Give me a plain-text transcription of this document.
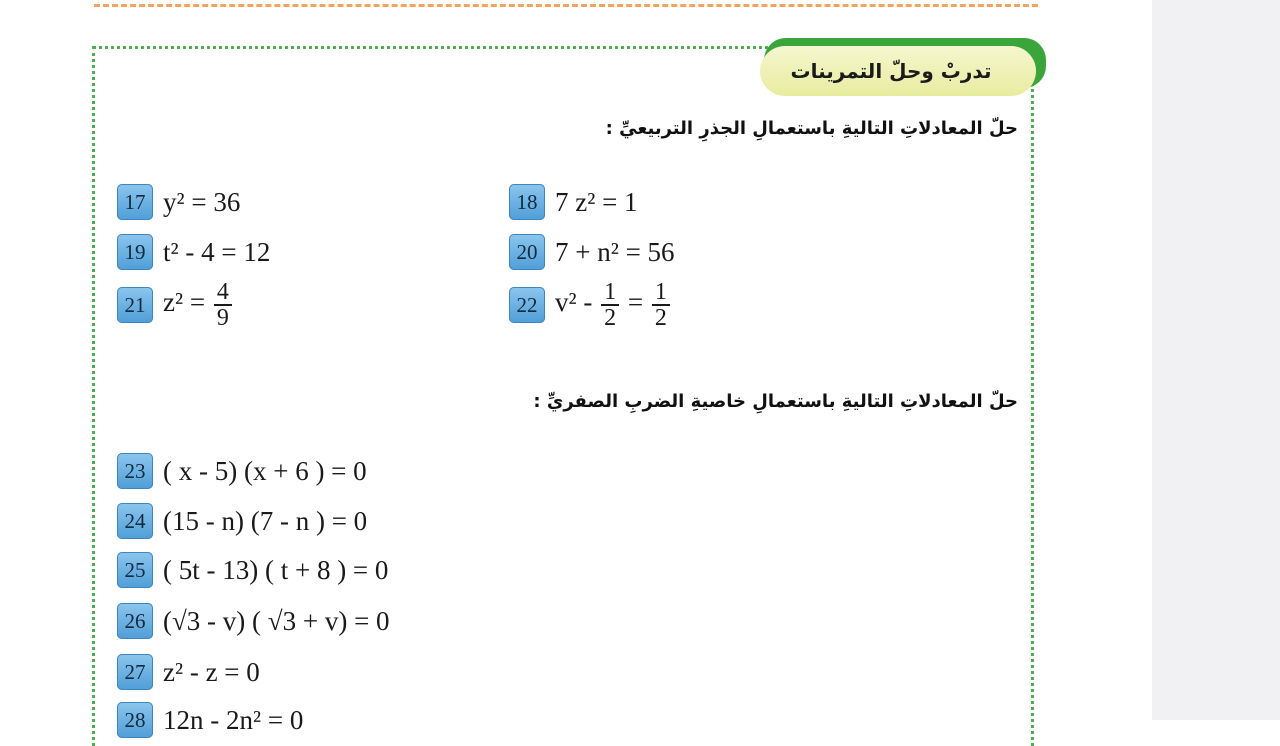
تدربْ وحلّ التمرينات
حلّ المعادلاتِ التاليةِ باستعمالِ الجذرِ التربيعيِّ :
17 y² = 36	18 7 z² = 1
19 t² - 4 = 12	20 7 + n² = 56
21 $z^2 = \frac{4}{9}$	22 $v^2 - \frac{1}{2} = \frac{1}{2}$
حلّ المعادلاتِ التاليةِ باستعمالِ خاصيةِ الضربِ الصفريِّ :
23 ( x - 5) (x + 6 ) = 0
24 (15 - n) (7 - n ) = 0
25 ( 5t - 13) ( t + 8 ) = 0
26 (√3 - v) ( √3 + v) = 0
27 z² - z = 0
28 12n - 2n² = 0
